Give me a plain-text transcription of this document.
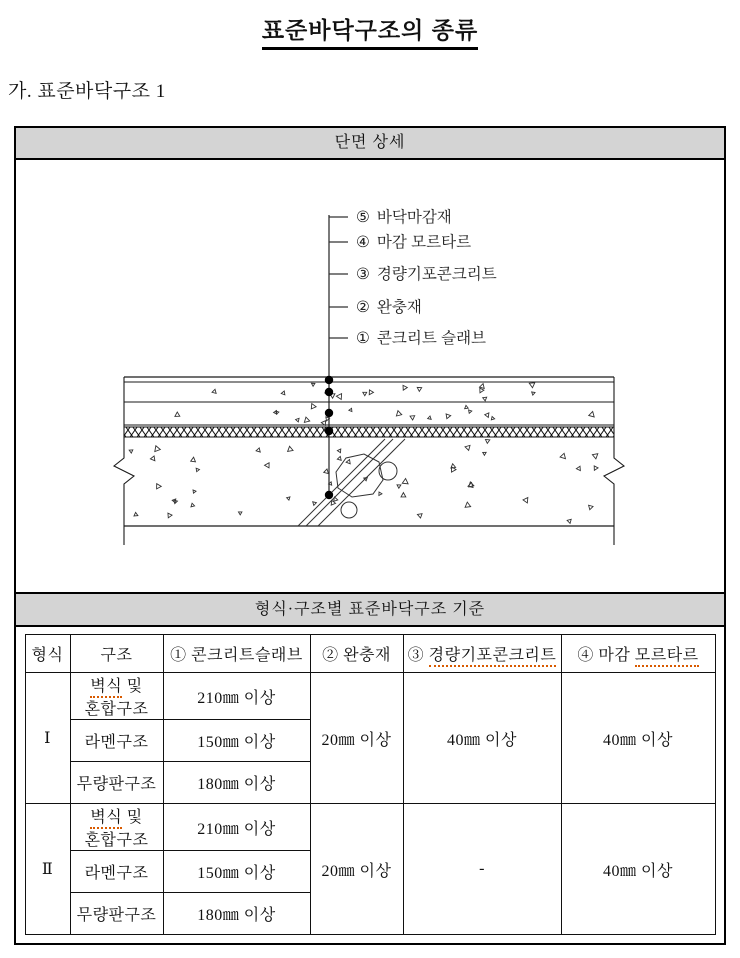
표준바닥구조의 종류
가. 표준바닥구조 1
단면 상세
⑤ 바닥마감재
④ 마감 모르타르
③ 경량기포콘크리트
② 완충재
① 콘크리트 슬래브
형식·구조별 표준바닥구조 기준
형식	구조	① 콘크리트슬래브	② 완충재	③ 경량기포콘크리트	④ 마감 모르타르
Ⅰ	벽식 및
혼합구조	210㎜ 이상	20㎜ 이상	40㎜ 이상	40㎜ 이상
	라멘구조	150㎜ 이상			
	무량판구조	180㎜ 이상			
Ⅱ	벽식 및
혼합구조	210㎜ 이상	20㎜ 이상	-	40㎜ 이상
	라멘구조	150㎜ 이상			
	무량판구조	180㎜ 이상			
